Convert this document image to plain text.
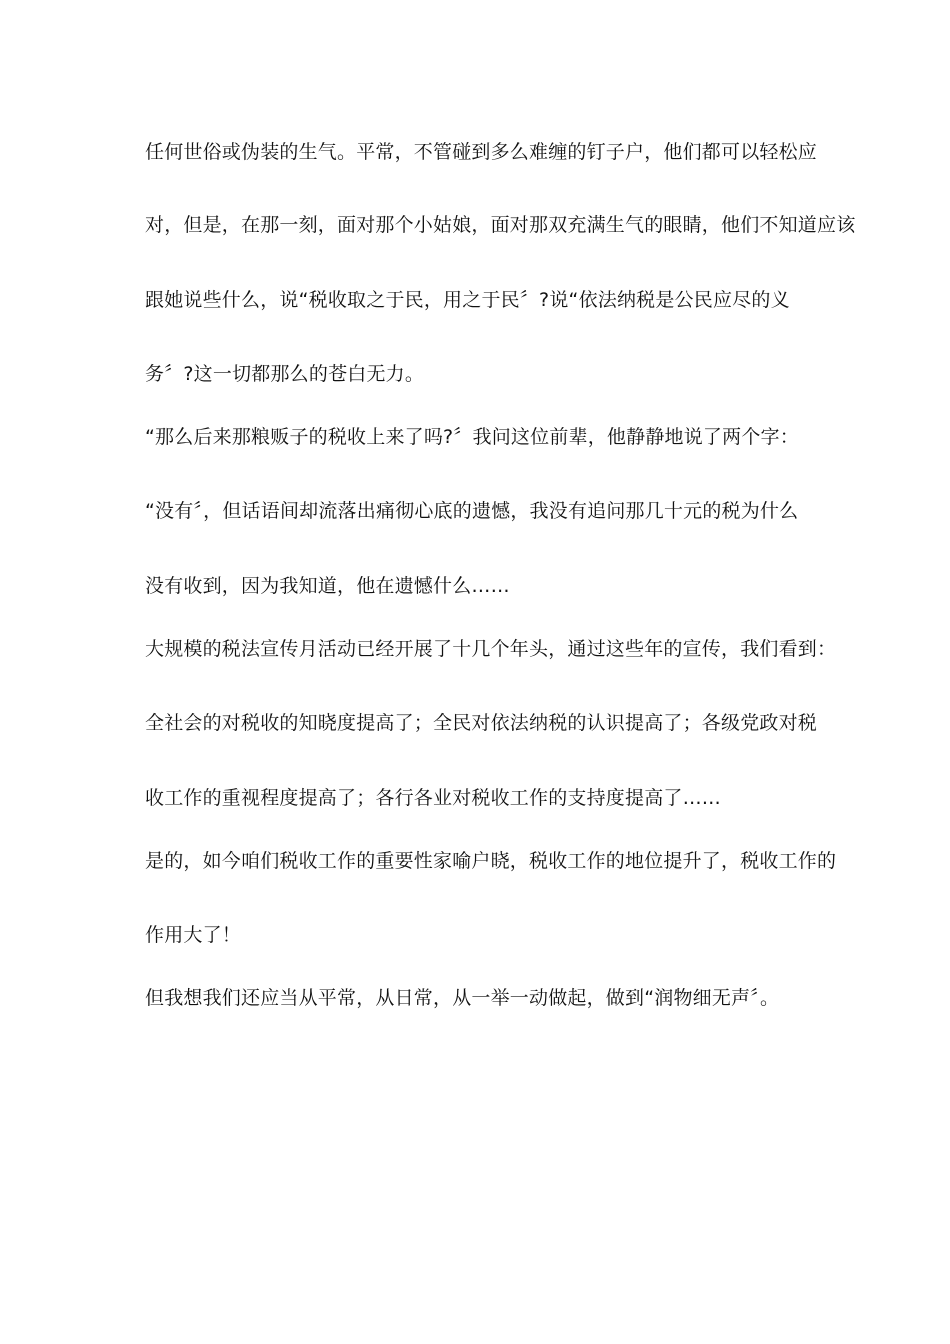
任何世俗或伪装的生气。平常，不管碰到多么难缠的钉子户，他们都可以轻松应
对，但是，在那一刻，面对那个小姑娘，面对那双充满生气的眼睛，他们不知道应该
跟她说些什么，说“税收取之于民，用之于民〞?说“依法纳税是公民应尽的义
务〞?这一切都那么的苍白无力。
“那么后来那粮贩子的税收上来了吗?〞我问这位前辈，他静静地说了两个字：
“没有〞，但话语间却流落出痛彻心底的遗憾，我没有追问那几十元的税为什么
没有收到，因为我知道，他在遗憾什么……
大规模的税法宣传月活动已经开展了十几个年头，通过这些年的宣传，我们看到：
全社会的对税收的知晓度提高了；全民对依法纳税的认识提高了；各级党政对税
收工作的重视程度提高了；各行各业对税收工作的支持度提高了……
是的，如今咱们税收工作的重要性家喻户晓，税收工作的地位提升了，税收工作的
作用大了！
但我想我们还应当从平常，从日常，从一举一动做起，做到“润物细无声〞。
